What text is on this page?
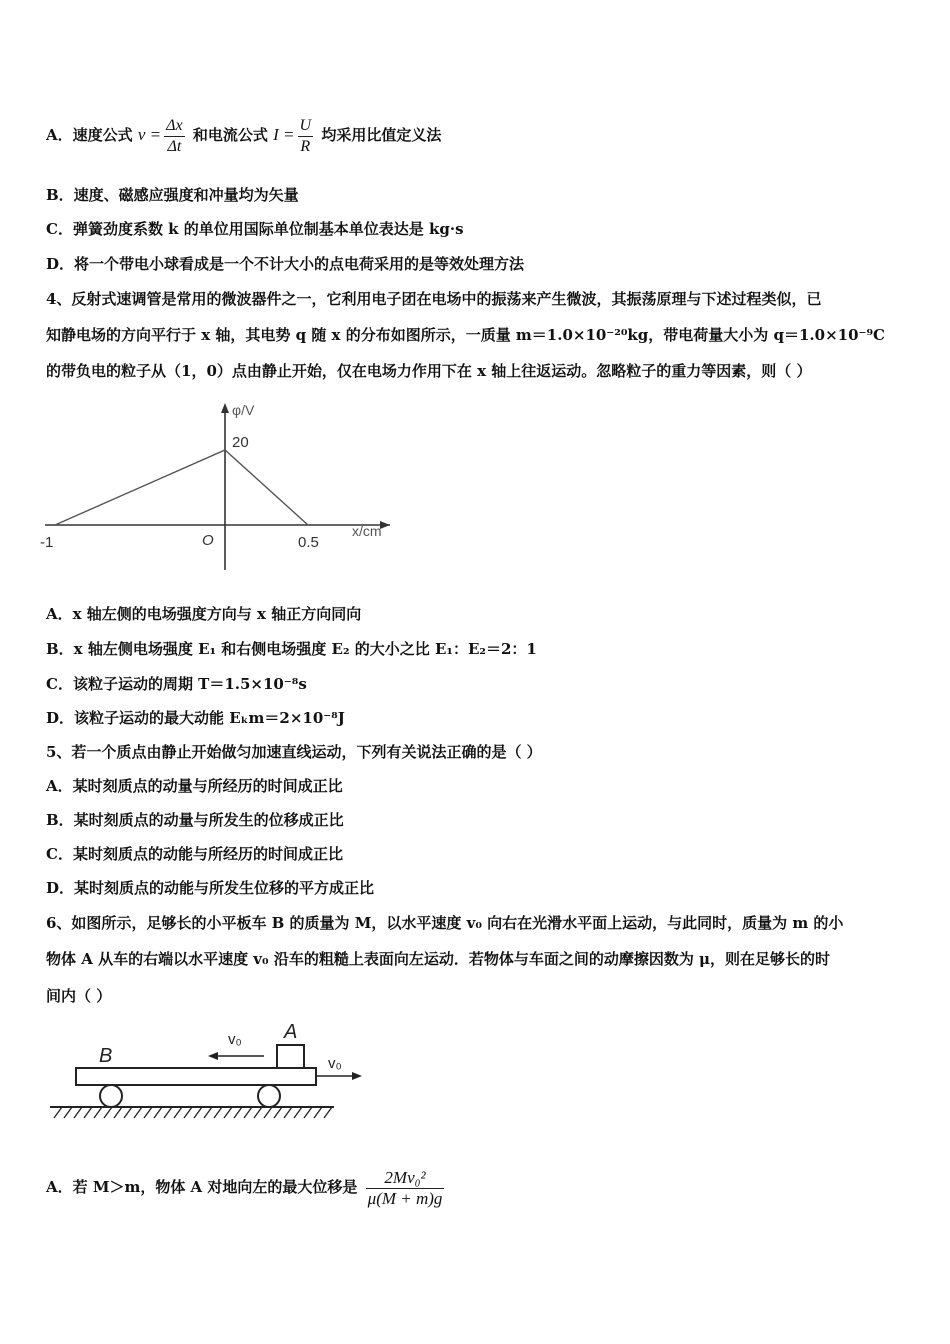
A．速度公式 $v = \frac{\Delta x}{\Delta t}$ 和电流公式 $I = \frac{U}{R}$ 均采用比值定义法
B．速度、磁感应强度和冲量均为矢量
C．弹簧劲度系数 k 的单位用国际单位制基本单位表达是 kg·s
D．将一个带电小球看成是一个不计大小的点电荷采用的是等效处理方法
4、反射式速调管是常用的微波器件之一，它利用电子团在电场中的振荡来产生微波，其振荡原理与下述过程类似，已
知静电场的方向平行于 x 轴，其电势 q 随 x 的分布如图所示，一质量 m＝1.0×10⁻²⁰kg，带电荷量大小为 q＝1.0×10⁻⁹C
的带负电的粒子从（1，0）点由静止开始，仅在电场力作用下在 x 轴上往返运动。忽略粒子的重力等因素，则（ ）
φ/V
20
O
-1	0.5
x/cm
A．x 轴左侧的电场强度方向与 x 轴正方向同向
B．x 轴左侧电场强度 E₁ 和右侧电场强度 E₂ 的大小之比 E₁：E₂＝2：1
C．该粒子运动的周期 T＝1.5×10⁻⁸s
D．该粒子运动的最大动能 Eₖm＝2×10⁻⁸J
5、若一个质点由静止开始做匀加速直线运动，下列有关说法正确的是（ ）
A．某时刻质点的动量与所经历的时间成正比
B．某时刻质点的动量与所发生的位移成正比
C．某时刻质点的动能与所经历的时间成正比
D．某时刻质点的动能与所发生位移的平方成正比
6、如图所示，足够长的小平板车 B 的质量为 M，以水平速度 v₀ 向右在光滑水平面上运动，与此同时，质量为 m 的小
物体 A 从车的右端以水平速度 v₀ 沿车的粗糙上表面向左运动．若物体与车面之间的动摩擦因数为 μ，则在足够长的时
间内（ ）
B
A
v₀
v₀
A．若 M＞m，物体 A 对地向左的最大位移是 $\frac{\text{2Mv₀²}}{\mu(M + m)g}$
